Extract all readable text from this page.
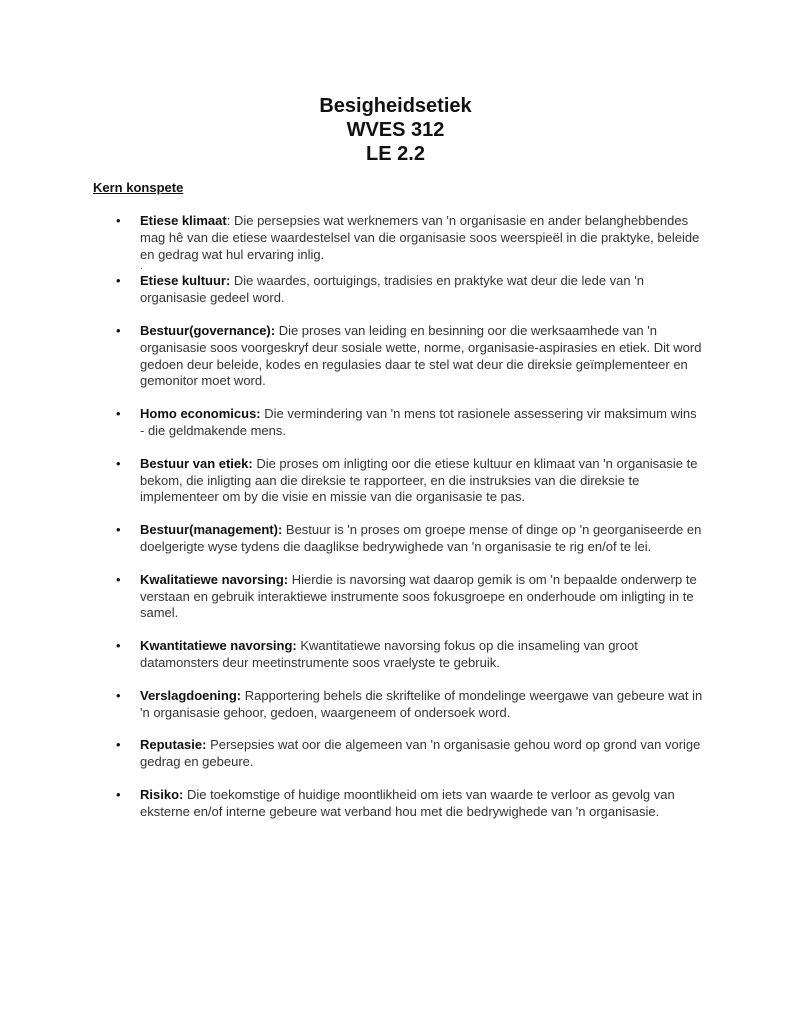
Besigheidsetiek
WVES 312
LE 2.2
Kern konspete
• Etiese klimaat: Die persepsies wat werknemers van 'n organisasie en ander belanghebbendes mag hê van die etiese waardestelsel van die organisasie soos weerspieël in die praktyke, beleide en gedrag wat hul ervaring inlig.
.
• Etiese kultuur: Die waardes, oortuigings, tradisies en praktyke wat deur die lede van 'n organisasie gedeel word.
• Bestuur(governance): Die proses van leiding en besinning oor die werksaamhede van 'n organisasie soos voorgeskryf deur sosiale wette, norme, organisasie-aspirasies en etiek. Dit word gedoen deur beleide, kodes en regulasies daar te stel wat deur die direksie geïmplementeer en gemonitor moet word.
• Homo economicus: Die vermindering van 'n mens tot rasionele assessering vir maksimum wins - die geldmakende mens.
• Bestuur van etiek: Die proses om inligting oor die etiese kultuur en klimaat van 'n organisasie te bekom, die inligting aan die direksie te rapporteer, en die instruksies van die direksie te implementeer om by die visie en missie van die organisasie te pas.
• Bestuur(management): Bestuur is 'n proses om groepe mense of dinge op 'n georganiseerde en doelgerigte wyse tydens die daaglikse bedrywighede van 'n organisasie te rig en/of te lei.
• Kwalitatiewe navorsing: Hierdie is navorsing wat daarop gemik is om 'n bepaalde onderwerp te verstaan en gebruik interaktiewe instrumente soos fokusgroepe en onderhoude om inligting in te samel.
• Kwantitatiewe navorsing: Kwantitatiewe navorsing fokus op die insameling van groot datamonsters deur meetinstrumente soos vraelyste te gebruik.
• Verslagdoening: Rapportering behels die skriftelike of mondelinge weergawe van gebeure wat in 'n organisasie gehoor, gedoen, waargeneem of ondersoek word.
• Reputasie: Persepsies wat oor die algemeen van 'n organisasie gehou word op grond van vorige gedrag en gebeure.
• Risiko: Die toekomstige of huidige moontlikheid om iets van waarde te verloor as gevolg van eksterne en/of interne gebeure wat verband hou met die bedrywighede van 'n organisasie.
